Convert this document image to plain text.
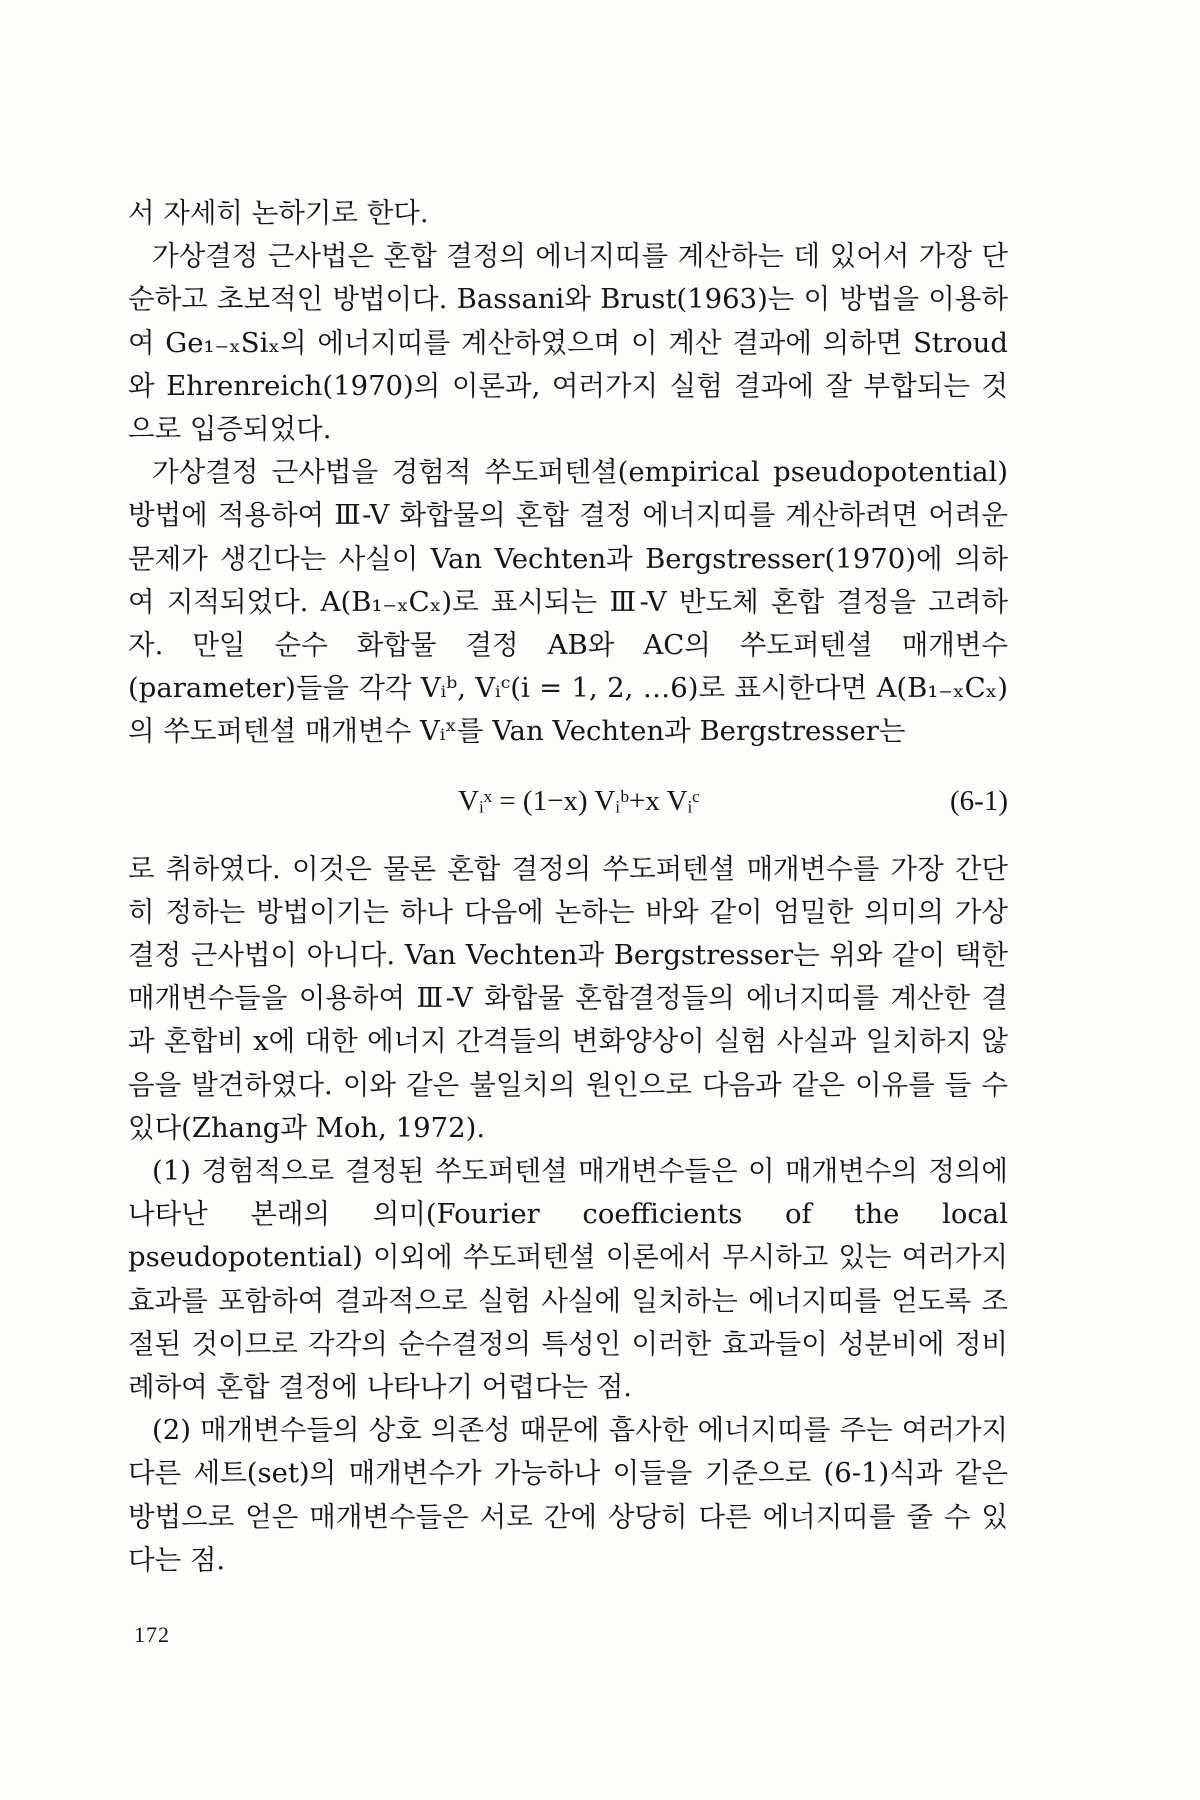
서 자세히 논하기로 한다.

가상결정 근사법은 혼합 결정의 에너지띠를 계산하는 데 있어서 가장 단순하고 초보적인 방법이다. Bassani와 Brust(1963)는 이 방법을 이용하여 Ge₁₋ₓSiₓ의 에너지띠를 계산하였으며 이 계산 결과에 의하면 Stroud와 Ehrenreich(1970)의 이론과, 여러가지 실험 결과에 잘 부합되는 것으로 입증되었다.

가상결정 근사법을 경험적 쑤도퍼텐셜(empirical pseudopotential) 방법에 적용하여 Ⅲ-V 화합물의 혼합 결정 에너지띠를 계산하려면 어려운 문제가 생긴다는 사실이 Van Vechten과 Bergstresser(1970)에 의하여 지적되었다. A(B₁₋ₓCₓ)로 표시되는 Ⅲ-V 반도체 혼합 결정을 고려하자. 만일 순수 화합물 결정 AB와 AC의 쑤도퍼텐셜 매개변수(parameter)들을 각각 Vᵢᵇ, Vᵢᶜ(i = 1, 2, …6)로 표시한다면 A(B₁₋ₓCₓ)의 쑤도퍼텐셜 매개변수 Vᵢˣ를 Van Vechten과 Bergstresser는

Vᵢˣ = (1−x) Vᵢᵇ+x Vᵢᶜ	(6-1)

로 취하였다. 이것은 물론 혼합 결정의 쑤도퍼텐셜 매개변수를 가장 간단히 정하는 방법이기는 하나 다음에 논하는 바와 같이 엄밀한 의미의 가상 결정 근사법이 아니다. Van Vechten과 Bergstresser는 위와 같이 택한 매개변수들을 이용하여 Ⅲ-V 화합물 혼합결정들의 에너지띠를 계산한 결과 혼합비 x에 대한 에너지 간격들의 변화양상이 실험 사실과 일치하지 않음을 발견하였다. 이와 같은 불일치의 원인으로 다음과 같은 이유를 들 수 있다(Zhang과 Moh, 1972).

(1) 경험적으로 결정된 쑤도퍼텐셜 매개변수들은 이 매개변수의 정의에 나타난 본래의 의미(Fourier coefficients of the local pseudopotential) 이외에 쑤도퍼텐셜 이론에서 무시하고 있는 여러가지 효과를 포함하여 결과적으로 실험 사실에 일치하는 에너지띠를 얻도록 조절된 것이므로 각각의 순수결정의 특성인 이러한 효과들이 성분비에 정비례하여 혼합 결정에 나타나기 어렵다는 점.

(2) 매개변수들의 상호 의존성 때문에 흡사한 에너지띠를 주는 여러가지 다른 세트(set)의 매개변수가 가능하나 이들을 기준으로 (6-1)식과 같은 방법으로 얻은 매개변수들은 서로 간에 상당히 다른 에너지띠를 줄 수 있다는 점.

172
